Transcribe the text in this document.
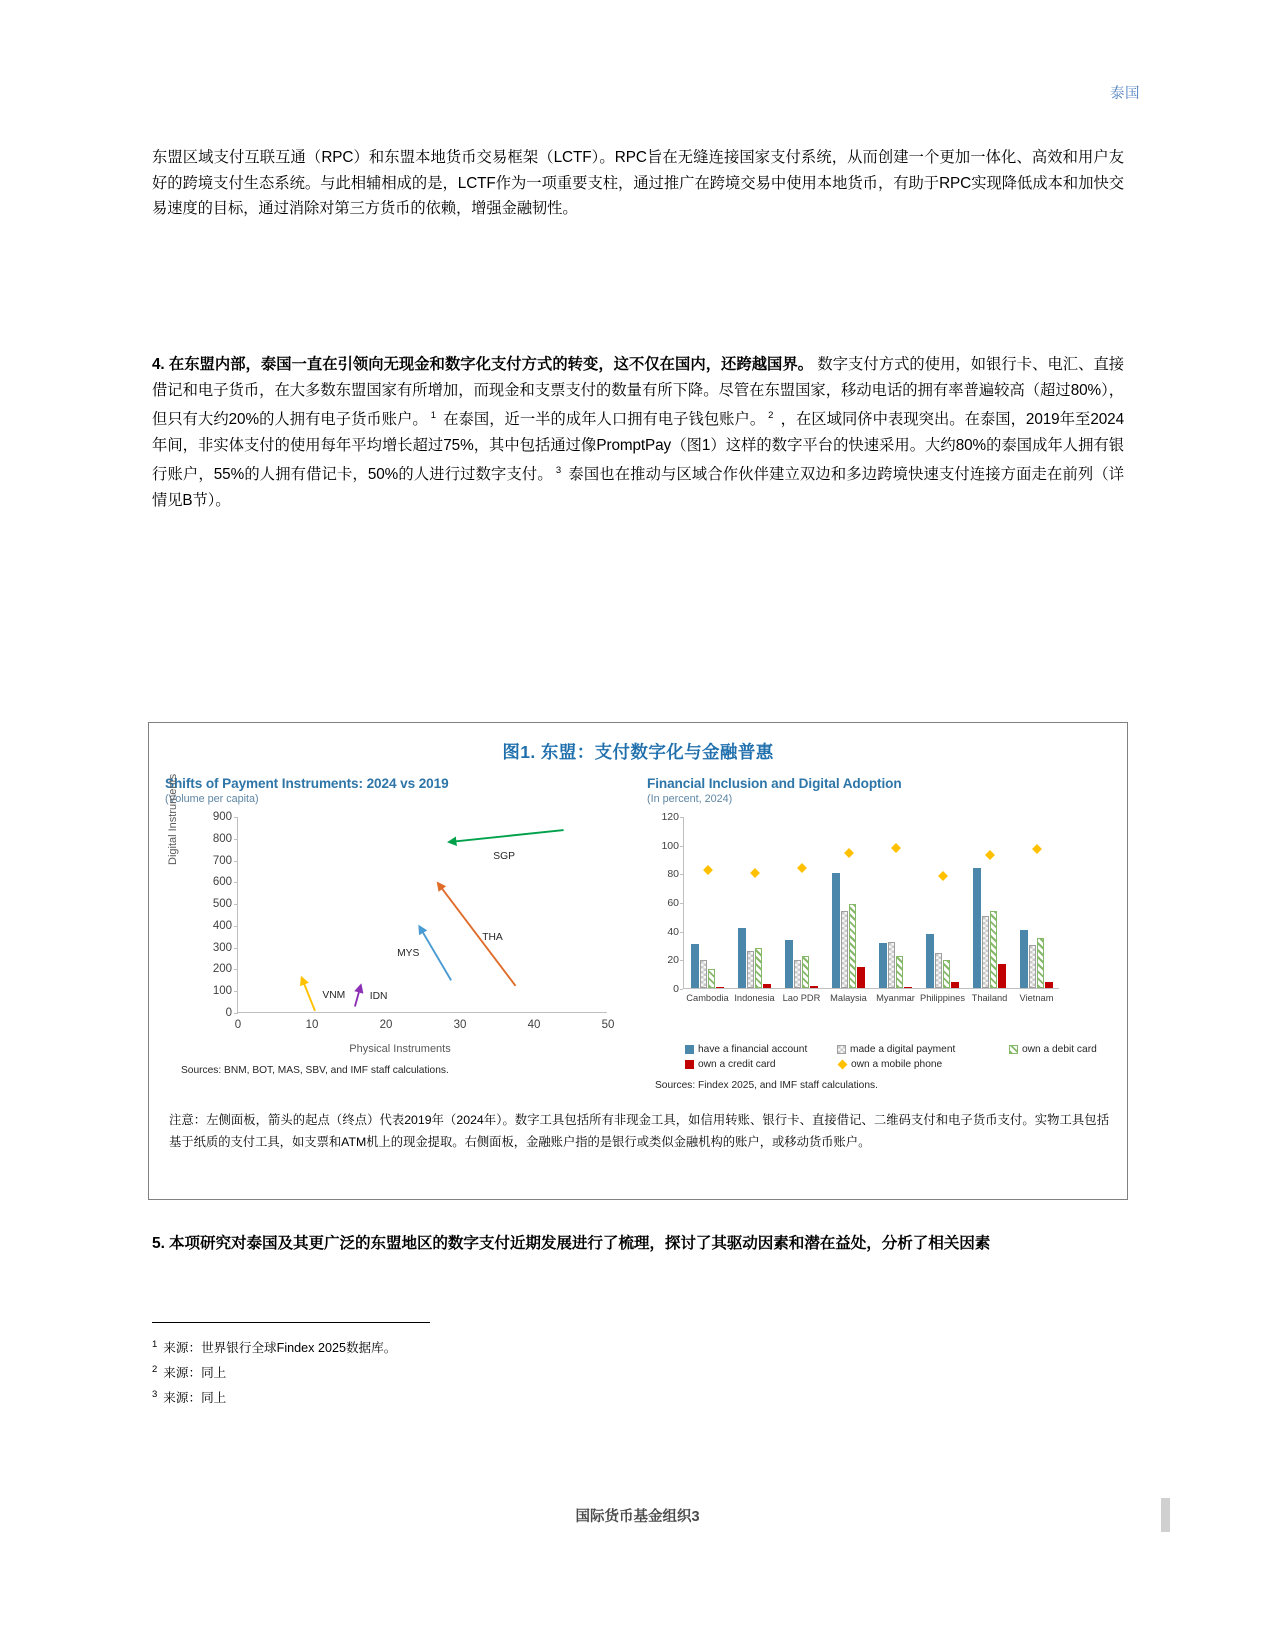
泰国
东盟区域支付互联互通（RPC）和东盟本地货币交易框架（LCTF）。RPC旨在无缝连接国家支付系统，从而创建一个更加一体化、高效和用户友好的跨境支付生态系统。与此相辅相成的是，LCTF作为一项重要支柱，通过推广在跨境交易中使用本地货币，有助于RPC实现降低成本和加快交易速度的目标，通过消除对第三方货币的依赖，增强金融韧性。
4. 在东盟内部，泰国一直在引领向无现金和数字化支付方式的转变，这不仅在国内，还跨越国界。 数字支付方式的使用，如银行卡、电汇、直接借记和电子货币，在大多数东盟国家有所增加，而现金和支票支付的数量有所下降。尽管在东盟国家，移动电话的拥有率普遍较高（超过80%），但只有大约20%的人拥有电子货币账户。 $^1$ 在泰国，近一半的成年人口拥有电子钱包账户。 $^2$ ，在区域同侪中表现突出。在泰国，2019年至2024年间，非实体支付的使用每年平均增长超过75%，其中包括通过像PromptPay（图1）这样的数字平台的快速采用。大约80%的泰国成年人拥有银行账户，55%的人拥有借记卡，50%的人进行过数字支付。 $^3$ 泰国也在推动与区域合作伙伴建立双边和多边跨境快速支付连接方面走在前列（详情见B节）。
图1. 东盟：支付数字化与金融普惠
Shifts of Payment Instruments: 2024 vs 2019
(Volume per capita)
Digital Instruments
0
100
200
300
400
500
600
700
800
900
0	10	20	30	40	50
SGP
THA
MYS
VNM IDN
Physical Instruments
Sources: BNM, BOT, MAS, SBV, and IMF staff calculations.
Financial Inclusion and Digital Adoption
(In percent, 2024)
0
20
40
60
80
100
120
Cambodia Indonesia Lao PDR Malaysia Myanmar Philippines Thailand Vietnam
have a financial account	made a digital payment	own a debit card
own a credit card	own a mobile phone
Sources: Findex 2025, and IMF staff calculations.
注意：左侧面板，箭头的起点（终点）代表2019年（2024年）。数字工具包括所有非现金工具，如信用转账、银行卡、直接借记、二维码支付和电子货币支付。实物工具包括基于纸质的支付工具，如支票和ATM机上的现金提取。右侧面板，金融账户指的是银行或类似金融机构的账户，或移动货币账户。
5. 本项研究对泰国及其更广泛的东盟地区的数字支付近期发展进行了梳理，探讨了其驱动因素和潜在益处，分析了相关因素
$^1$ 来源：世界银行全球Findex 2025数据库。
$^2$ 来源：同上
$^3$ 来源：同上
国际货币基金组织3
